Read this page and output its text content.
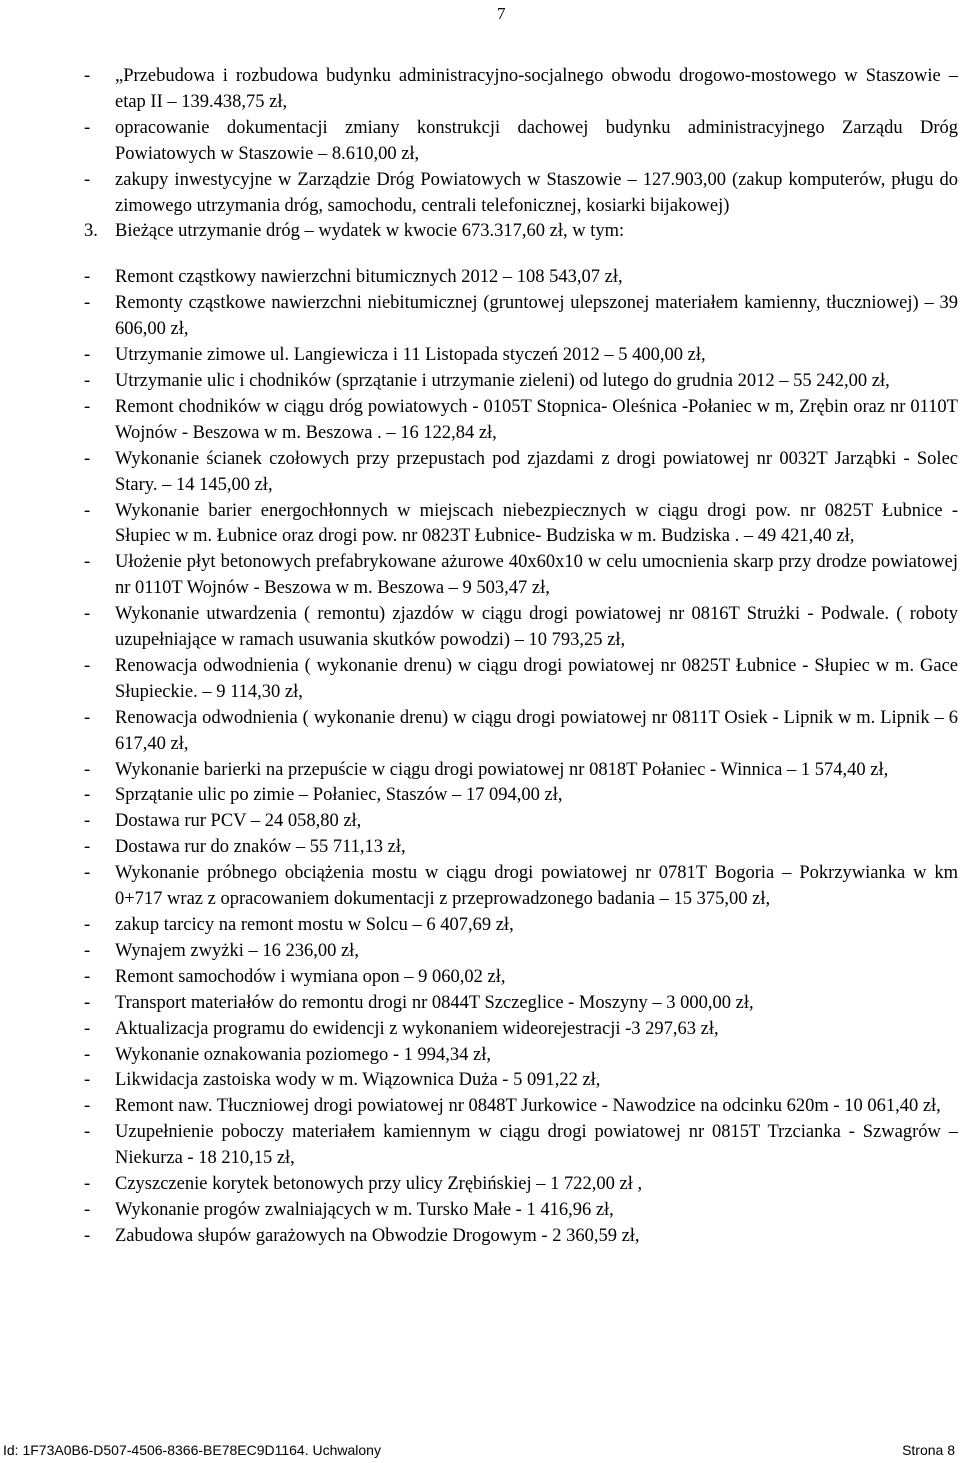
7
-	„Przebudowa i rozbudowa budynku administracyjno-socjalnego obwodu drogowo-mostowego w Staszowie – etap II – 139.438,75 zł,
-	opracowanie dokumentacji zmiany konstrukcji dachowej budynku administracyjnego Zarządu Dróg Powiatowych w Staszowie – 8.610,00 zł,
-	zakupy inwestycyjne w Zarządzie Dróg Powiatowych w Staszowie – 127.903,00 (zakup komputerów, pługu do zimowego utrzymania dróg, samochodu, centrali telefonicznej, kosiarki bijakowej)
3. Bieżące utrzymanie dróg – wydatek w kwocie 673.317,60 zł, w tym:
-	Remont cząstkowy nawierzchni bitumicznych 2012 – 108 543,07 zł,
-	Remonty cząstkowe nawierzchni niebitumicznej (gruntowej ulepszonej materiałem kamienny, tłuczniowej) – 39 606,00 zł,
-	Utrzymanie zimowe ul. Langiewicza i 11 Listopada styczeń 2012 – 5 400,00 zł,
-	Utrzymanie ulic i chodników (sprzątanie i utrzymanie zieleni) od lutego do grudnia 2012 – 55 242,00 zł,
-	Remont chodników w ciągu dróg powiatowych - 0105T Stopnica- Oleśnica -Połaniec w m, Zrębin oraz nr 0110T Wojnów - Beszowa w m. Beszowa . – 16 122,84 zł,
-	Wykonanie ścianek czołowych przy przepustach pod zjazdami z drogi powiatowej nr 0032T Jarząbki - Solec Stary. – 14 145,00 zł,
-	Wykonanie barier energochłonnych w miejscach niebezpiecznych w ciągu drogi pow. nr 0825T Łubnice - Słupiec w m. Łubnice oraz drogi pow. nr 0823T Łubnice- Budziska w m. Budziska . – 49 421,40 zł,
-	Ułożenie płyt betonowych prefabrykowane ażurowe 40x60x10 w celu umocnienia skarp przy drodze powiatowej nr 0110T Wojnów - Beszowa w m. Beszowa – 9 503,47 zł,
-	Wykonanie utwardzenia ( remontu) zjazdów w ciągu drogi powiatowej nr 0816T Strużki - Podwale. ( roboty uzupełniające w ramach usuwania skutków powodzi) – 10 793,25 zł,
-	Renowacja odwodnienia ( wykonanie drenu) w ciągu drogi powiatowej nr 0825T Łubnice - Słupiec w m. Gace Słupieckie. – 9 114,30 zł,
-	Renowacja odwodnienia ( wykonanie drenu) w ciągu drogi powiatowej nr 0811T Osiek - Lipnik w m. Lipnik – 6 617,40 zł,
-	Wykonanie barierki na przepuście w ciągu drogi powiatowej nr 0818T Połaniec - Winnica – 1 574,40 zł,
-	Sprzątanie ulic po zimie – Połaniec, Staszów – 17 094,00 zł,
-	Dostawa rur PCV – 24 058,80 zł,
-	Dostawa rur do znaków – 55 711,13 zł,
-	Wykonanie próbnego obciążenia mostu w ciągu drogi powiatowej nr 0781T Bogoria – Pokrzywianka w km 0+717 wraz z opracowaniem dokumentacji z przeprowadzonego badania – 15 375,00 zł,
-	zakup tarcicy na remont mostu w Solcu – 6 407,69 zł,
-	Wynajem zwyżki – 16 236,00 zł,
-	Remont samochodów i wymiana opon – 9 060,02 zł,
-	Transport materiałów do remontu drogi nr 0844T Szczeglice - Moszyny – 3 000,00 zł,
-	Aktualizacja programu do ewidencji z wykonaniem wideorejestracji -3 297,63 zł,
-	Wykonanie oznakowania poziomego - 1 994,34 zł,
-	Likwidacja zastoiska wody w m. Wiązownica Duża - 5 091,22 zł,
-	Remont naw. Tłuczniowej drogi powiatowej nr 0848T Jurkowice - Nawodzice na odcinku 620m - 10 061,40 zł,
-	Uzupełnienie poboczy materiałem kamiennym w ciągu drogi powiatowej nr 0815T Trzcianka - Szwagrów – Niekurza - 18 210,15 zł,
-	Czyszczenie korytek betonowych przy ulicy Zrębińskiej – 1 722,00 zł ,
-	Wykonanie progów zwalniających w m. Tursko Małe - 1 416,96 zł,
-	Zabudowa słupów garażowych na Obwodzie Drogowym - 2 360,59 zł,
Id: 1F73A0B6-D507-4506-8366-BE78EC9D1164. Uchwalony	Strona 8
